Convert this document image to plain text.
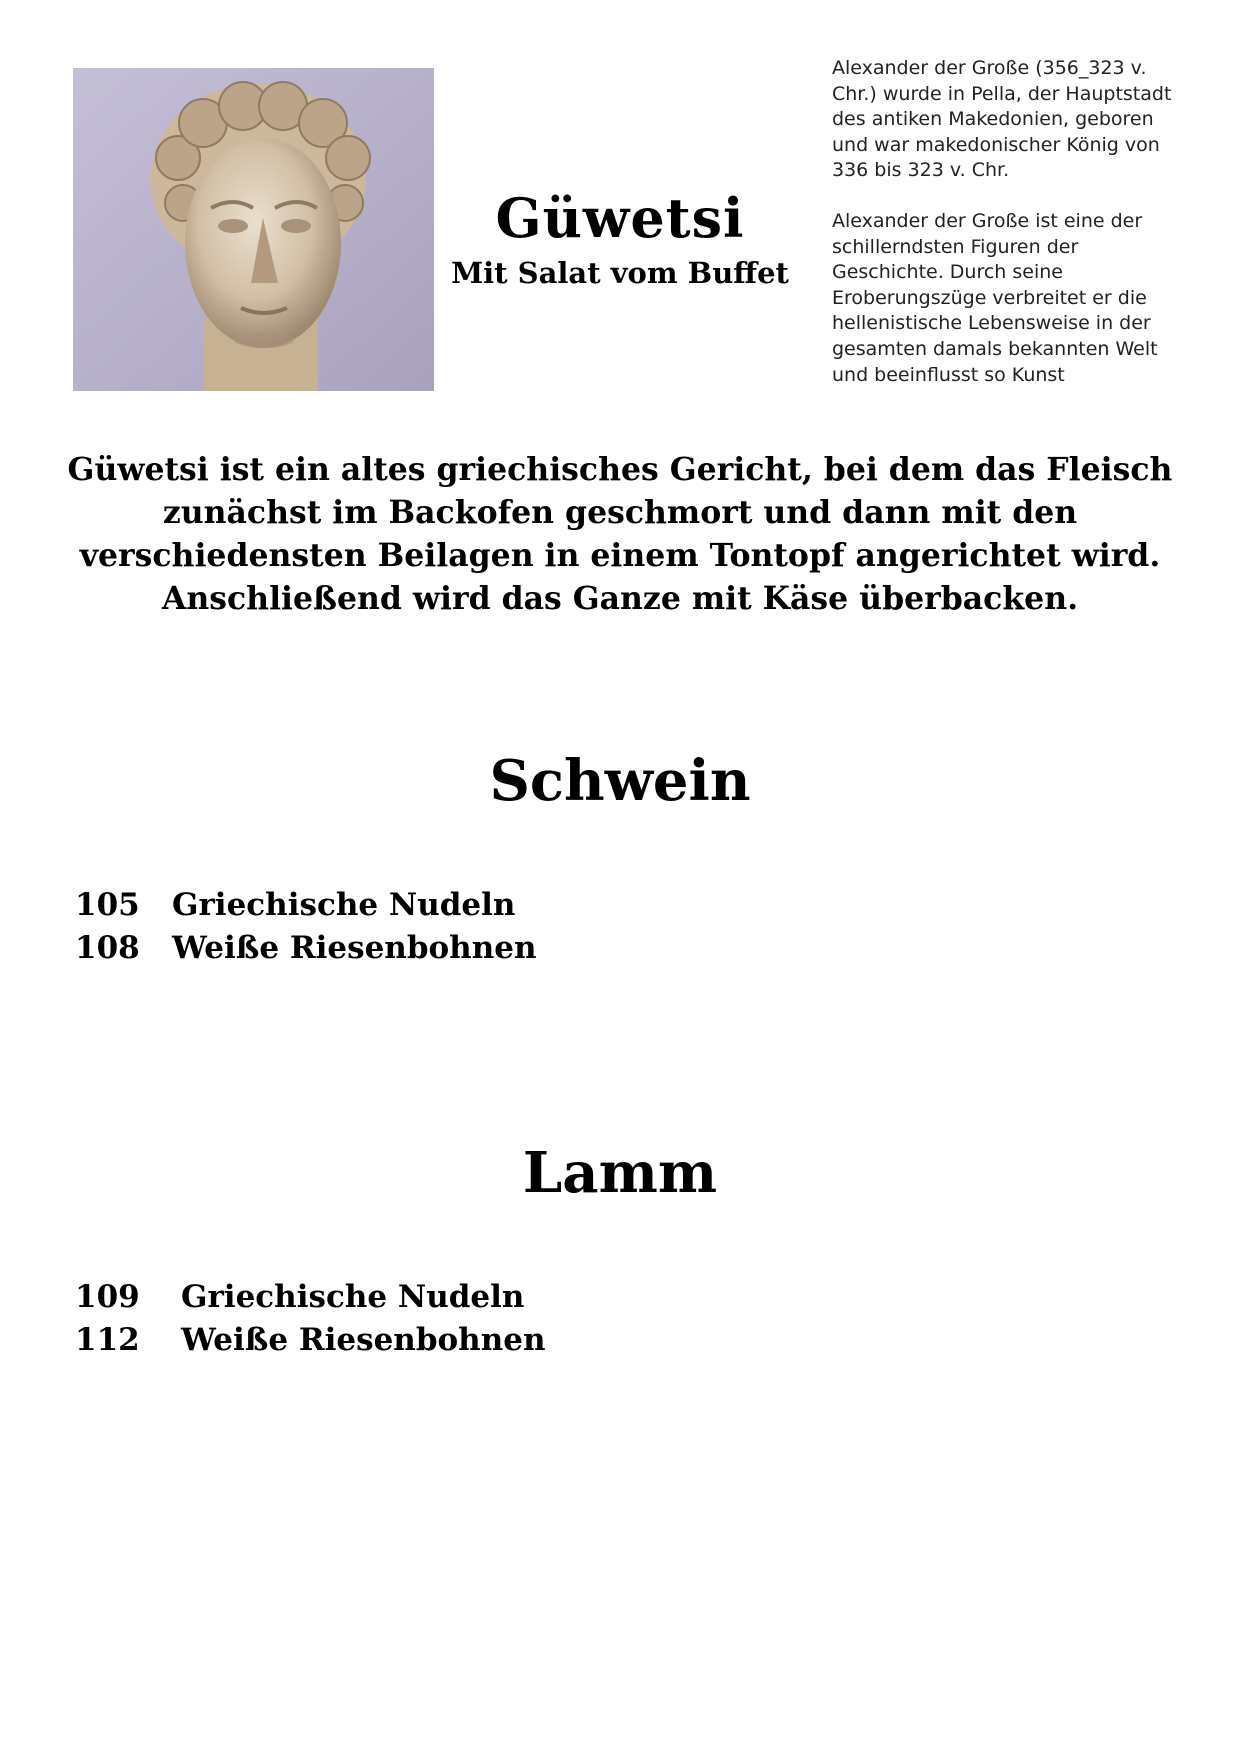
Güwetsi
Mit Salat vom Buffet

Alexander der Große (356_323 v. Chr.) wurde in Pella, der Hauptstadt des antiken Makedonien, geboren und war makedonischer König von 336 bis 323 v. Chr.

Alexander der Große ist eine der schillerndsten Figuren der Geschichte. Durch seine Eroberungszüge verbreitet er die hellenistische Lebensweise in der gesamten damals bekannten Welt und beeinflusst so Kunst

Güwetsi ist ein altes griechisches Gericht, bei dem das Fleisch zunächst im Backofen geschmort und dann mit den verschiedensten Beilagen in einem Tontopf angerichtet wird. Anschließend wird das Ganze mit Käse überbacken.
Schwein
105	Griechische Nudeln
108	Weiße Riesenbohnen
Lamm
109	Griechische Nudeln
112	Weiße Riesenbohnen
